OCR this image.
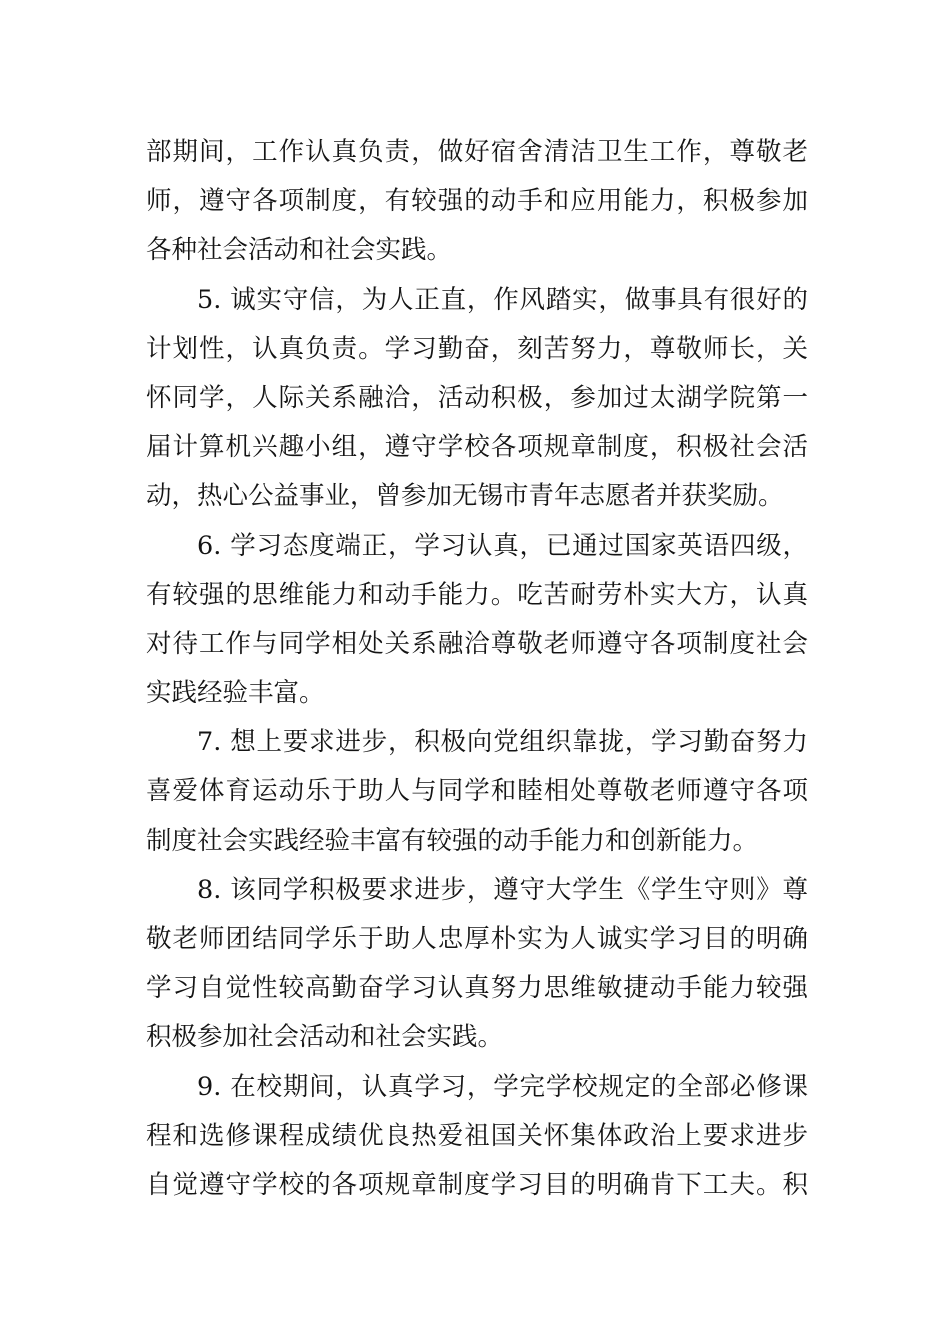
部期间，工作认真负责，做好宿舍清洁卫生工作，尊敬老
师，遵守各项制度，有较强的动手和应用能力，积极参加
各种社会活动和社会实践。
5. 诚实守信，为人正直，作风踏实，做事具有很好的
计划性，认真负责。学习勤奋，刻苦努力，尊敬师长，关
怀同学，人际关系融洽，活动积极，参加过太湖学院第一
届计算机兴趣小组，遵守学校各项规章制度，积极社会活
动，热心公益事业，曾参加无锡市青年志愿者并获奖励。
6. 学习态度端正，学习认真，已通过国家英语四级，
有较强的思维能力和动手能力。吃苦耐劳朴实大方，认真
对待工作与同学相处关系融洽尊敬老师遵守各项制度社会
实践经验丰富。
7. 想上要求进步，积极向党组织靠拢，学习勤奋努力
喜爱体育运动乐于助人与同学和睦相处尊敬老师遵守各项
制度社会实践经验丰富有较强的动手能力和创新能力。
8. 该同学积极要求进步，遵守大学生《学生守则》尊
敬老师团结同学乐于助人忠厚朴实为人诚实学习目的明确
学习自觉性较高勤奋学习认真努力思维敏捷动手能力较强
积极参加社会活动和社会实践。
9. 在校期间，认真学习，学完学校规定的全部必修课
程和选修课程成绩优良热爱祖国关怀集体政治上要求进步
自觉遵守学校的各项规章制度学习目的明确肯下工夫。积
